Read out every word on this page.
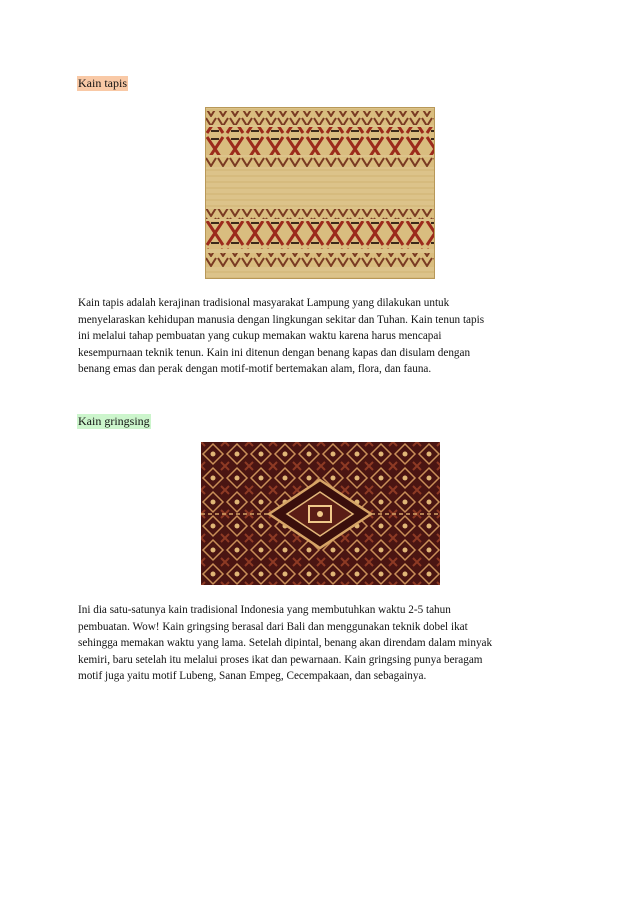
Kain tapis

Kain tapis adalah kerajinan tradisional masyarakat Lampung yang dilakukan untuk
menyelaraskan kehidupan manusia dengan lingkungan sekitar dan Tuhan. Kain tenun tapis
ini melalui tahap pembuatan yang cukup memakan waktu karena harus mencapai
kesempurnaan teknik tenun. Kain ini ditenun dengan benang kapas dan disulam dengan
benang emas dan perak dengan motif-motif bertemakan alam, flora, dan fauna.

Kain gringsing

Ini dia satu-satunya kain tradisional Indonesia yang membutuhkan waktu 2-5 tahun
pembuatan. Wow! Kain gringsing berasal dari Bali dan menggunakan teknik dobel ikat
sehingga memakan waktu yang lama. Setelah dipintal, benang akan direndam dalam minyak
kemiri, baru setelah itu melalui proses ikat dan pewarnaan. Kain gringsing punya beragam
motif juga yaitu motif Lubeng, Sanan Empeg, Cecempakaan, dan sebagainya.
